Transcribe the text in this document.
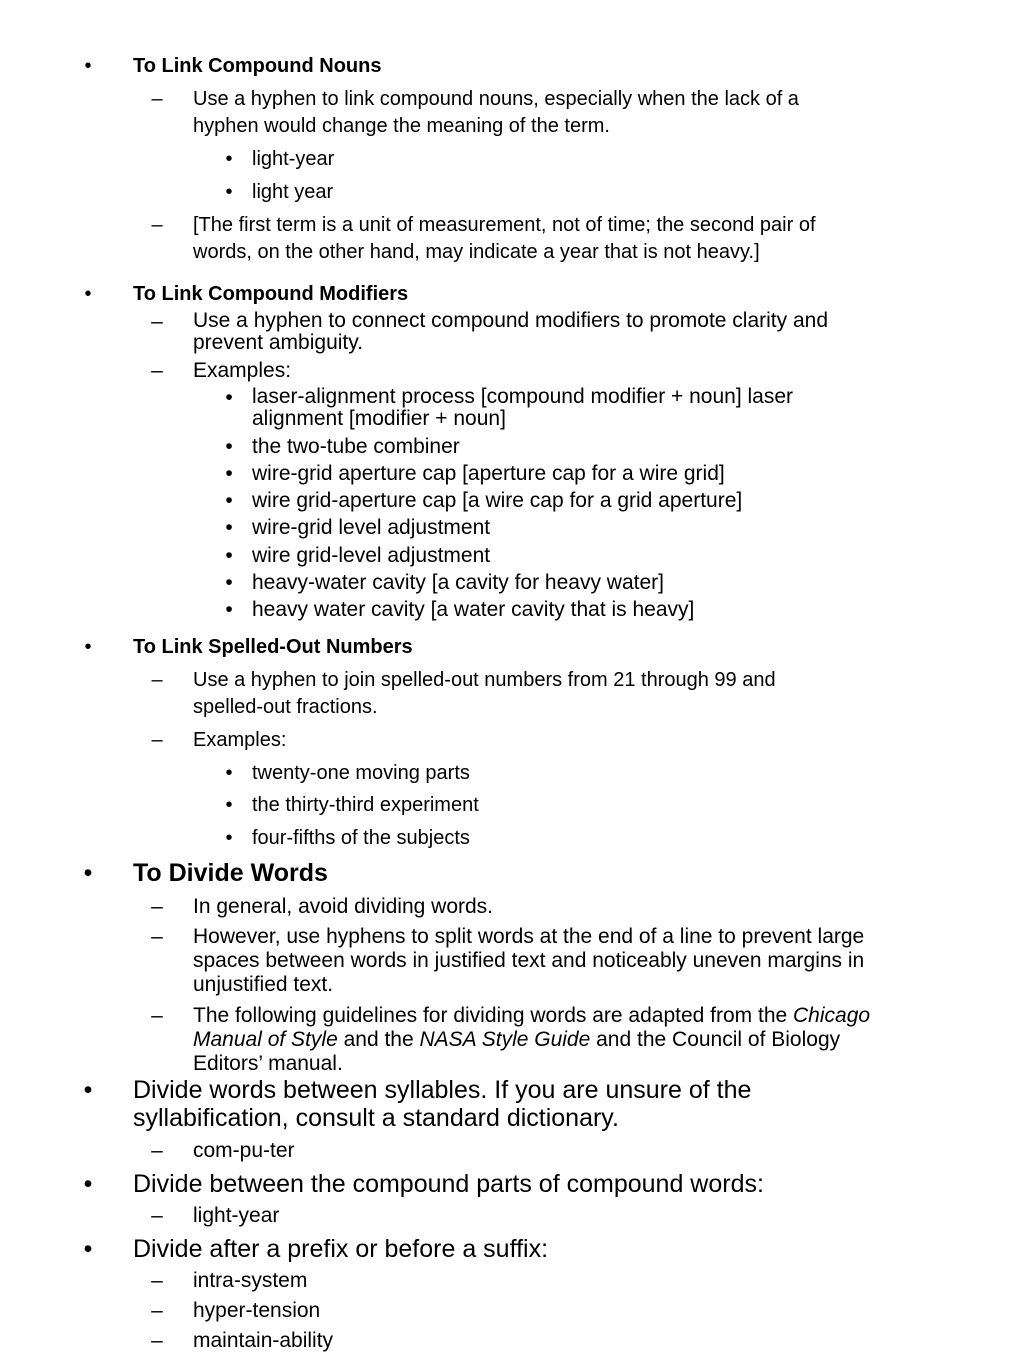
• To Link Compound Nouns
– Use a hyphen to link compound nouns, especially when the lack of a
hyphen would change the meaning of the term.
• light-year
• light year
– [The first term is a unit of measurement, not of time; the second pair of
words, on the other hand, may indicate a year that is not heavy.]
• To Link Compound Modifiers
– Use a hyphen to connect compound modifiers to promote clarity and
prevent ambiguity.
– Examples:
• laser-alignment process [compound modifier + noun] laser
alignment [modifier + noun]
• the two-tube combiner
• wire-grid aperture cap [aperture cap for a wire grid]
• wire grid-aperture cap [a wire cap for a grid aperture]
• wire-grid level adjustment
• wire grid-level adjustment
• heavy-water cavity [a cavity for heavy water]
• heavy water cavity [a water cavity that is heavy]
• To Link Spelled-Out Numbers
– Use a hyphen to join spelled-out numbers from 21 through 99 and
spelled-out fractions.
– Examples:
• twenty-one moving parts
• the thirty-third experiment
• four-fifths of the subjects
• To Divide Words
– In general, avoid dividing words.
– However, use hyphens to split words at the end of a line to prevent large
spaces between words in justified text and noticeably uneven margins in
unjustified text.
– The following guidelines for dividing words are adapted from the Chicago
Manual of Style and the NASA Style Guide and the Council of Biology
Editors’ manual.
• Divide words between syllables. If you are unsure of the
syllabification, consult a standard dictionary.
– com-pu-ter
• Divide between the compound parts of compound words:
– light-year
• Divide after a prefix or before a suffix:
– intra-system
– hyper-tension
– maintain-ability
